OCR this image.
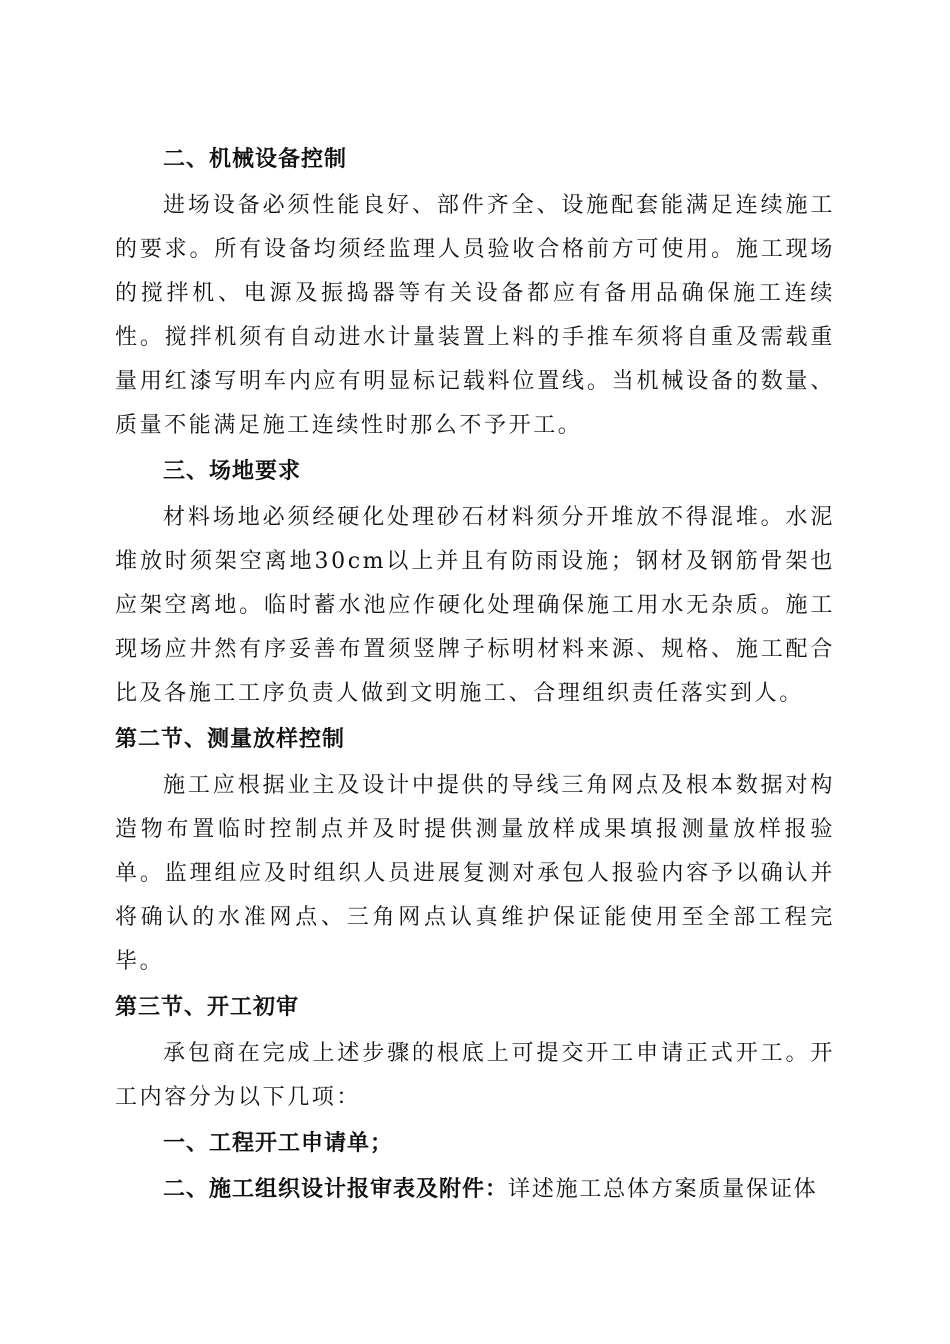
二、机械设备控制
进场设备必须性能良好、部件齐全、设施配套能满足连续施工的要求。所有设备均须经监理人员验收合格前方可使用。施工现场的搅拌机、电源及振捣器等有关设备都应有备用品确保施工连续性。搅拌机须有自动进水计量装置上料的手推车须将自重及需载重量用红漆写明车内应有明显标记载料位置线。当机械设备的数量、质量不能满足施工连续性时那么不予开工。
三、场地要求
材料场地必须经硬化处理砂石材料须分开堆放不得混堆。水泥堆放时须架空离地30cm以上并且有防雨设施；钢材及钢筋骨架也应架空离地。临时蓄水池应作硬化处理确保施工用水无杂质。施工现场应井然有序妥善布置须竖牌子标明材料来源、规格、施工配合比及各施工工序负责人做到文明施工、合理组织责任落实到人。
第二节、测量放样控制
施工应根据业主及设计中提供的导线三角网点及根本数据对构造物布置临时控制点并及时提供测量放样成果填报测量放样报验单。监理组应及时组织人员进展复测对承包人报验内容予以确认并将确认的水准网点、三角网点认真维护保证能使用至全部工程完毕。
第三节、开工初审
承包商在完成上述步骤的根底上可提交开工申请正式开工。开工内容分为以下几项：
一、工程开工申请单；
二、施工组织设计报审表及附件：详述施工总体方案质量保证体
